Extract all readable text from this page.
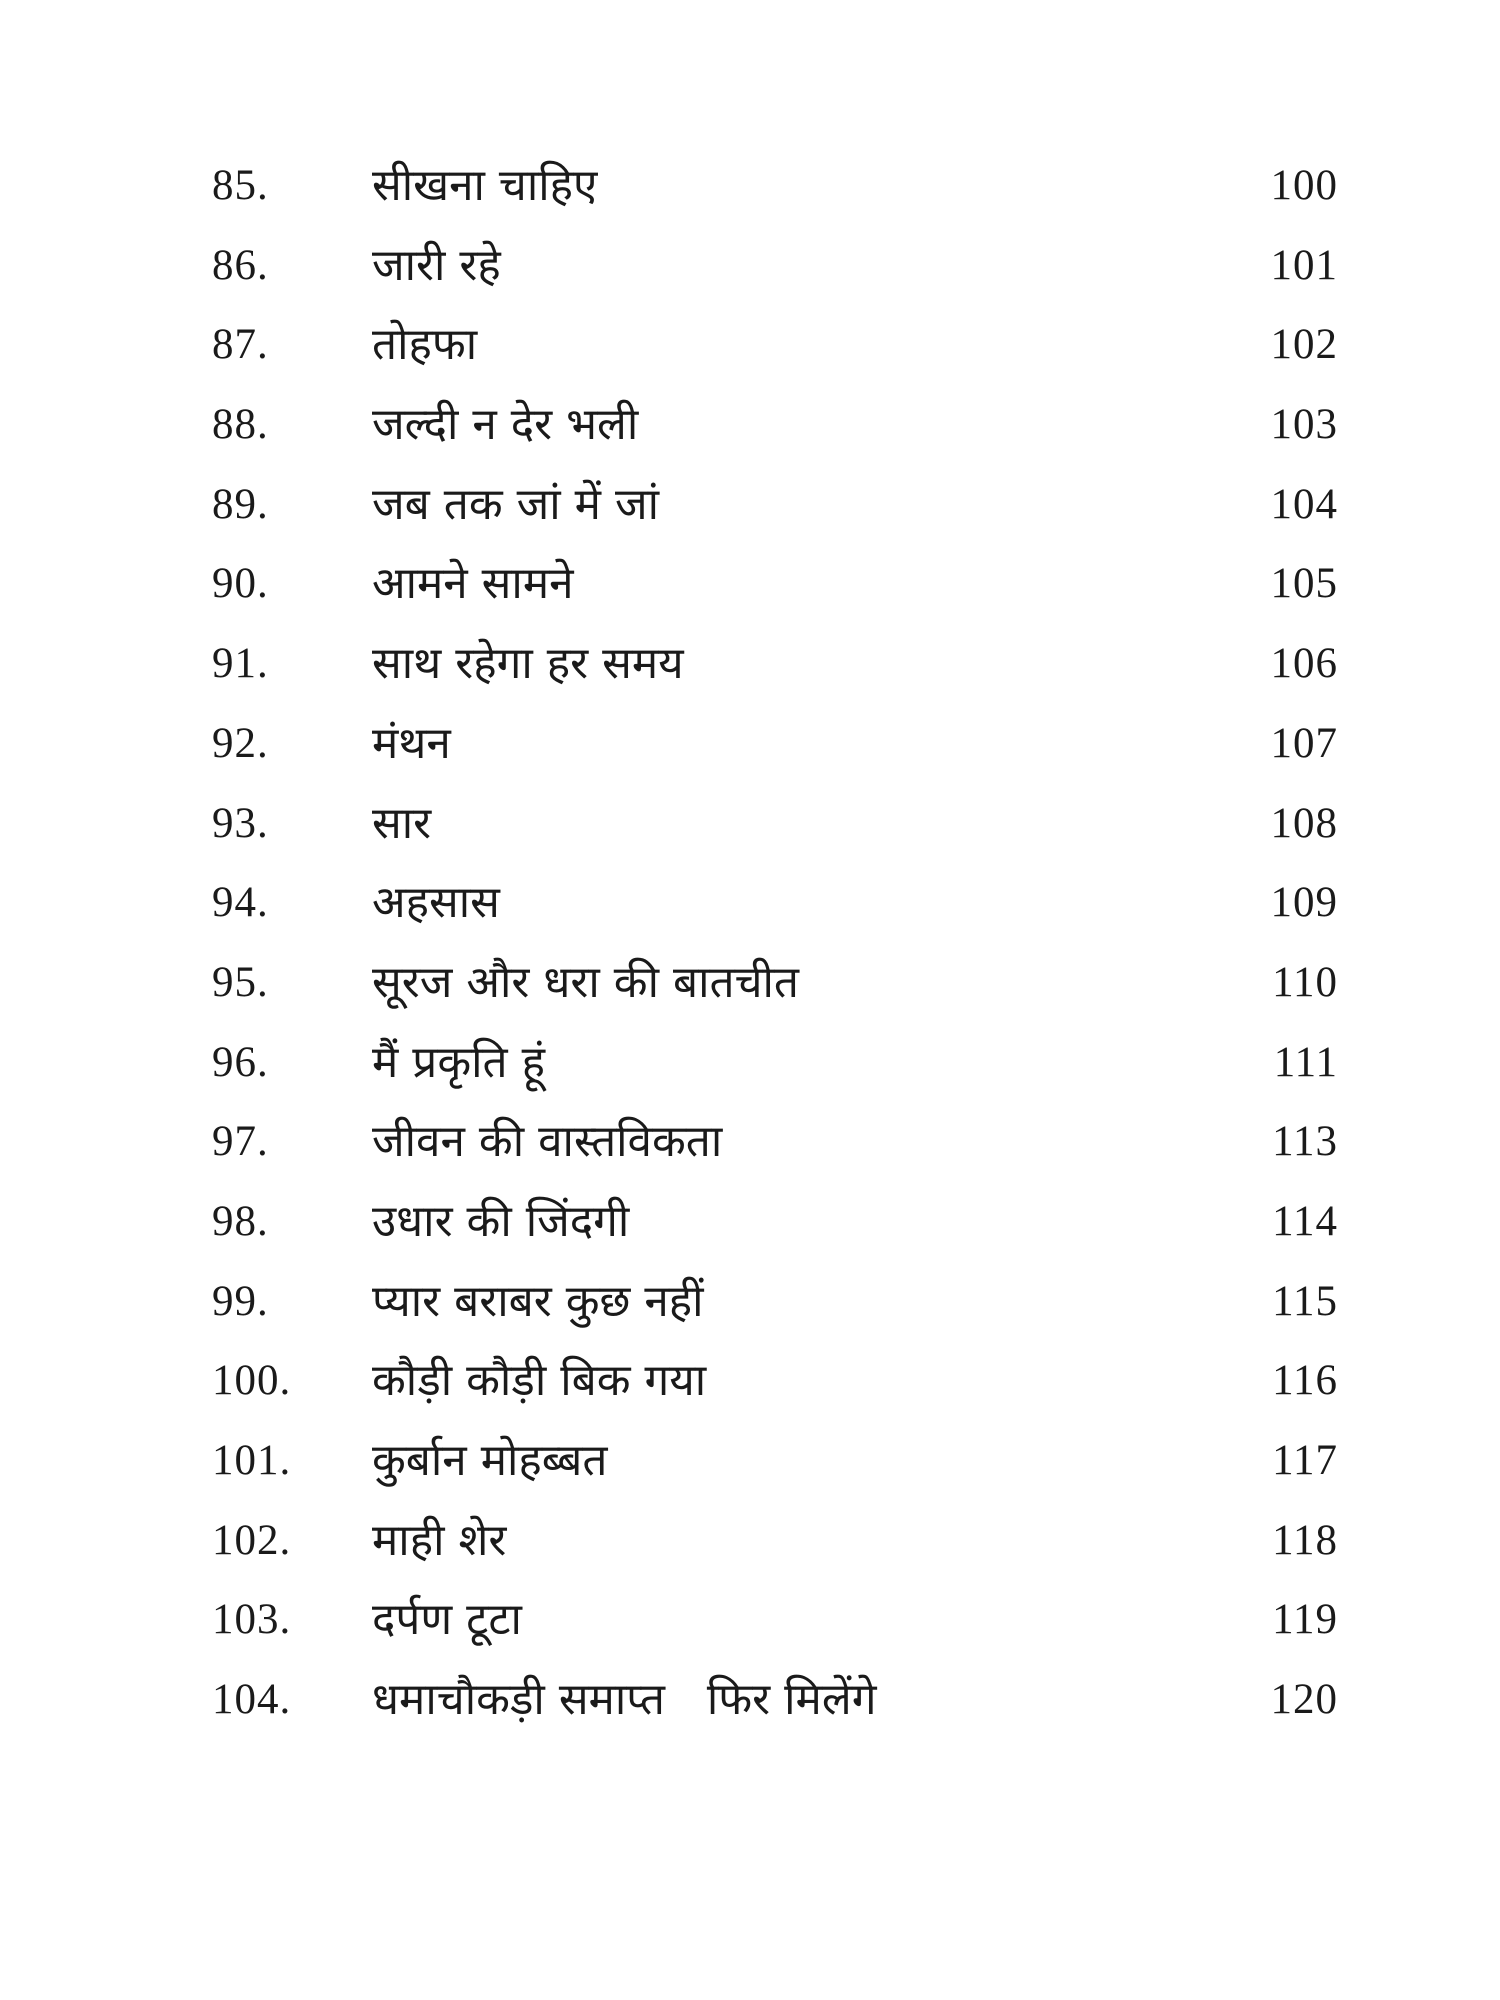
85. सीखना चाहिए	100
86. जारी रहे	101
87. तोहफा	102
88. जल्दी न देर भली	103
89. जब तक जां में जां	104
90. आमने सामने	105
91. साथ रहेगा हर समय	106
92. मंथन	107
93. सार	108
94. अहसास	109
95. सूरज और धरा की बातचीत	110
96. मैं प्रकृति हूं	111
97. जीवन की वास्तविकता	113
98. उधार की जिंदगी	114
99. प्यार बराबर कुछ नहीं	115
100. कौड़ी कौड़ी बिक गया	116
101. कुर्बान मोहब्बत	117
102. माही शेर	118
103. दर्पण टूटा	119
104. धमाचौकड़ी समाप्त   फिर मिलेंगे	120
